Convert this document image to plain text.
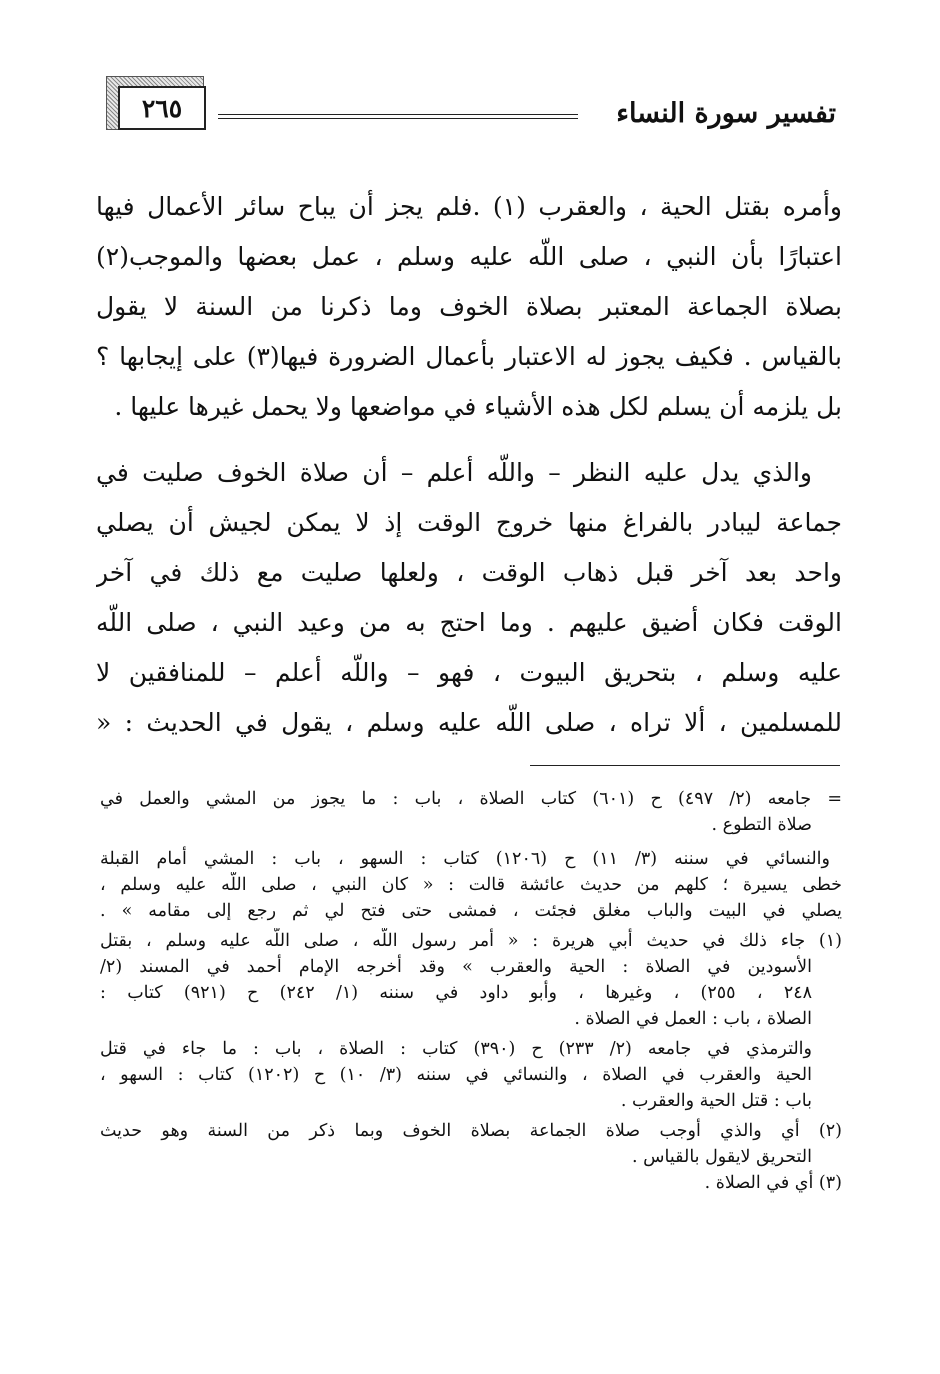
تفسير سورة النساء
٢٦٥
وأمره بقتل الحية ، والعقرب (١) .فلم يجز أن يباح سائر الأعمال فيها
اعتبارًا بأن النبي ، صلى اللّه عليه وسلم ، عمل بعضها والموجب(٢)
بصلاة الجماعة المعتبر بصلاة الخوف وما ذكرنا من السنة لا يقول
بالقياس . فكيف يجوز له الاعتبار بأعمال الضرورة فيها(٣) على إيجابها ؟
بل يلزمه أن يسلم لكل هذه الأشياء في مواضعها ولا يحمل غيرها عليها .
والذي يدل عليه النظر – واللّه أعلم – أن صلاة الخوف صليت في
جماعة ليبادر بالفراغ منها خروج الوقت إذ لا يمكن لجيش أن يصلي
واحد بعد آخر قبل ذهاب الوقت ، ولعلها صليت مع ذلك في آخر
الوقت فكان أضيق عليهم . وما احتج به من وعيد النبي ، صلى اللّه
عليه وسلم ، بتحريق البيوت ، فهو – واللّه أعلم – للمنافقين لا
للمسلمين ، ألا تراه ، صلى اللّه عليه وسلم ، يقول في الحديث : «
= جامعه (٢/ ٤٩٧) ح (٦٠١) كتاب الصلاة ، باب : ما يجوز من المشي والعمل في
صلاة التطوع .
والنسائي في سننه (٣/ ١١) ح (١٢٠٦) كتاب : السهو ، باب : المشي أمام القبلة
خطى يسيرة ؛ كلهم من حديث عائشة قالت : « كان النبي ، صلى اللّه عليه وسلم ،
يصلي في البيت والباب مغلق فجئت ، فمشى حتى فتح لي ثم رجع إلى مقامه » .
(١) جاء ذلك في حديث أبي هريرة : « أمر رسول اللّه ، صلى اللّه عليه وسلم ، بقتل
الأسودين في الصلاة : الحية والعقرب » وقد أخرجه الإمام أحمد في المسند (٢/
٢٤٨ ، ٢٥٥) ، وغيرها ، وأبو داود في سننه (١/ ٢٤٢) ح (٩٢١) كتاب :
الصلاة ، باب : العمل في الصلاة .
والترمذي في جامعه (٢/ ٢٣٣) ح (٣٩٠) كتاب : الصلاة ، باب : ما جاء في قتل
الحية والعقرب في الصلاة ، والنسائي في سننه (٣/ ١٠) ح (١٢٠٢) كتاب : السهو ،
باب : قتل الحية والعقرب .
(٢) أي والذي أوجب صلاة الجماعة بصلاة الخوف وبما ذكر من السنة وهو حديث
التحريق لايقول بالقياس .
(٣) أي في الصلاة .
